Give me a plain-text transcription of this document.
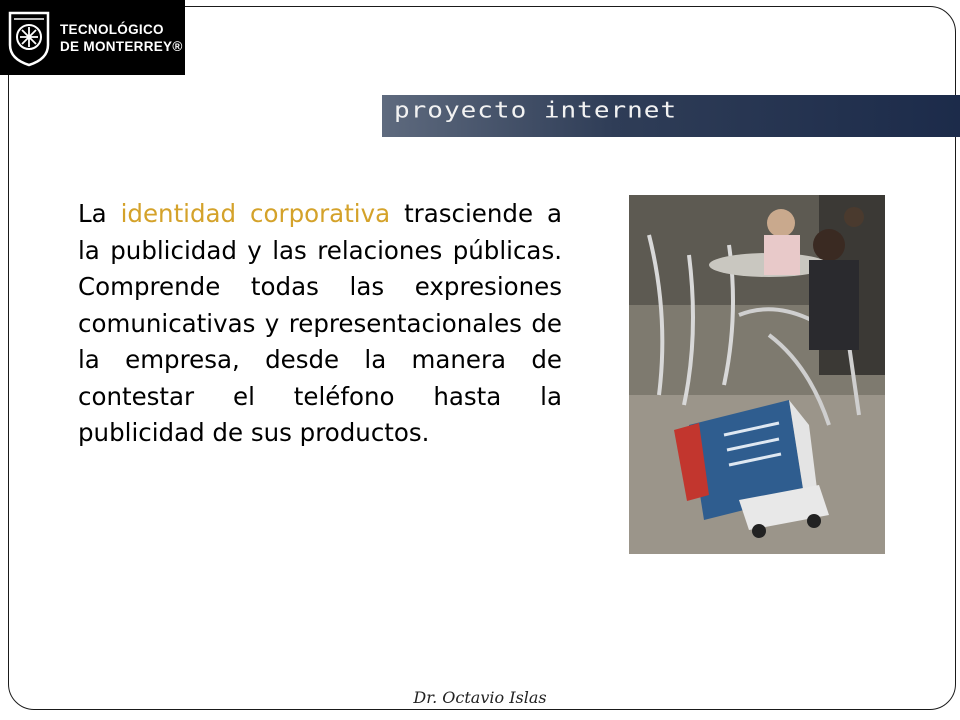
TECNOLÓGICO
DE MONTERREY®
proyecto internet

La identidad corporativa trasciende a la publicidad y las relaciones públicas. Comprende todas las expresiones comunicativas y representacionales de la empresa, desde la manera de contestar el teléfono hasta la publicidad de sus productos.

Dr. Octavio Islas
